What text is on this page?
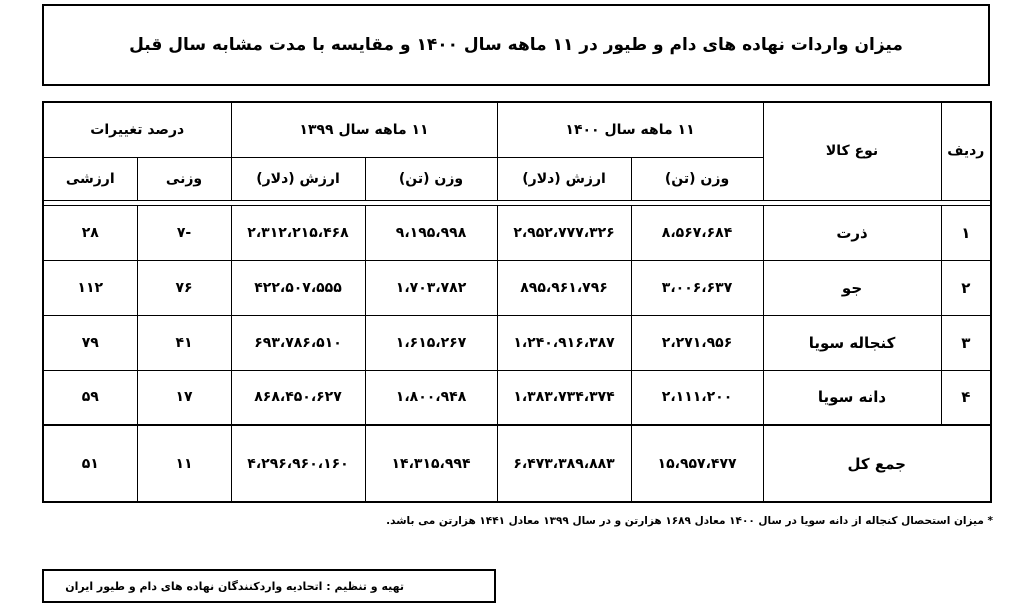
میزان واردات نهاده های دام و طیور در ۱۱ ماهه سال ۱۴۰۰ و مقایسه با مدت مشابه سال قبل
ردیف	نوع کالا	۱۱ ماهه سال ۱۴۰۰		۱۱ ماهه سال ۱۳۹۹		درصد تغییرات	
		وزن (تن)	ارزش (دلار)	وزن (تن)	ارزش (دلار)	وزنی	ارزشی

۱	ذرت	۸،۵۶۷،۶۸۴	۲،۹۵۲،۷۷۷،۳۲۶	۹،۱۹۵،۹۹۸	۲،۳۱۲،۲۱۵،۴۶۸	-۷	۲۸
۲	جو	۳،۰۰۶،۶۳۷	۸۹۵،۹۶۱،۷۹۶	۱،۷۰۳،۷۸۲	۴۲۲،۵۰۷،۵۵۵	۷۶	۱۱۲
۳	کنجاله سویا	۲،۲۷۱،۹۵۶	۱،۲۴۰،۹۱۶،۳۸۷	۱،۶۱۵،۲۶۷	۶۹۳،۷۸۶،۵۱۰	۴۱	۷۹
۴	دانه سویا	۲،۱۱۱،۲۰۰	۱،۳۸۳،۷۳۴،۳۷۴	۱،۸۰۰،۹۴۸	۸۶۸،۴۵۰،۶۲۷	۱۷	۵۹
جمع کل		۱۵،۹۵۷،۴۷۷	۶،۴۷۳،۳۸۹،۸۸۳	۱۴،۳۱۵،۹۹۴	۴،۲۹۶،۹۶۰،۱۶۰	۱۱	۵۱
* میزان استحصال کنجاله از دانه سویا در سال ۱۴۰۰ معادل ۱۶۸۹ هزارتن و در سال ۱۳۹۹ معادل ۱۴۴۱ هزارتن می باشد.
تهیه و تنظیم : اتحادیه واردکنندگان نهاده های دام و طیور ایران
